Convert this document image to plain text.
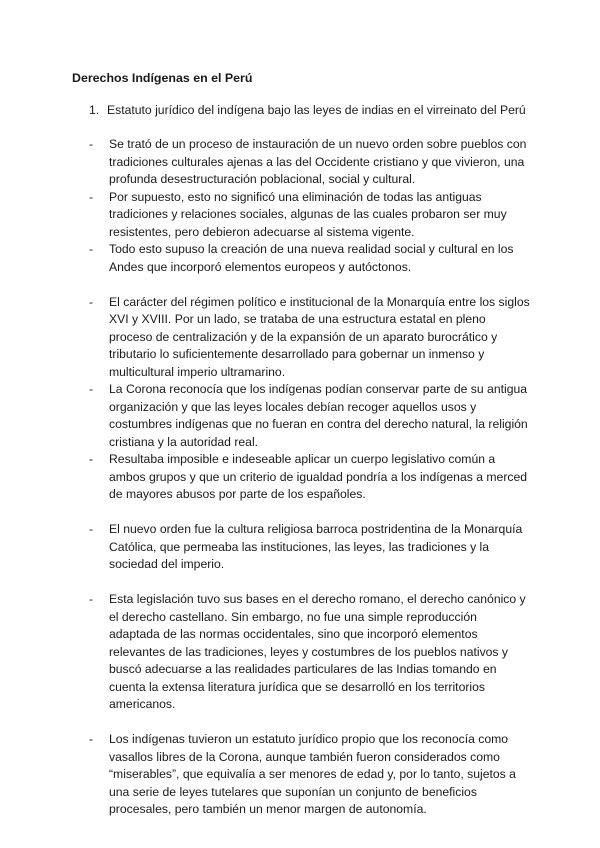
Derechos Indígenas en el Perú
1. Estatuto jurídico del indígena bajo las leyes de indias en el virreinato del Perú
-	Se trató de un proceso de instauración de un nuevo orden sobre pueblos con tradiciones culturales ajenas a las del Occidente cristiano y que vivieron, una profunda desestructuración poblacional, social y cultural.
-	Por supuesto, esto no significó una eliminación de todas las antiguas tradiciones y relaciones sociales, algunas de las cuales probaron ser muy resistentes, pero debieron adecuarse al sistema vigente.
-	Todo esto supuso la creación de una nueva realidad social y cultural en los Andes que incorporó elementos europeos y autóctonos.
-	El carácter del régimen político e institucional de la Monarquía entre los siglos XVI y XVIII. Por un lado, se trataba de una estructura estatal en pleno proceso de centralización y de la expansión de un aparato burocrático y tributario lo suficientemente desarrollado para gobernar un inmenso y multicultural imperio ultramarino.
-	La Corona reconocía que los indígenas podían conservar parte de su antigua organización y que las leyes locales debían recoger aquellos usos y costumbres indígenas que no fueran en contra del derecho natural, la religión cristiana y la autoridad real.
-	Resultaba imposible e indeseable aplicar un cuerpo legislativo común a ambos grupos y que un criterio de igualdad pondría a los indígenas a merced de mayores abusos por parte de los españoles.
-	El nuevo orden fue la cultura religiosa barroca postridentina de la Monarquía Católica, que permeaba las instituciones, las leyes, las tradiciones y la sociedad del imperio.
-	Esta legislación tuvo sus bases en el derecho romano, el derecho canónico y el derecho castellano. Sin embargo, no fue una simple reproducción adaptada de las normas occidentales, sino que incorporó elementos relevantes de las tradiciones, leyes y costumbres de los pueblos nativos y buscó adecuarse a las realidades particulares de las Indias tomando en cuenta la extensa literatura jurídica que se desarrolló en los territorios americanos.
-	Los indígenas tuvieron un estatuto jurídico propio que los reconocía como vasallos libres de la Corona, aunque también fueron considerados como “miserables”, que equivalía a ser menores de edad y, por lo tanto, sujetos a una serie de leyes tutelares que suponían un conjunto de beneficios procesales, pero también un menor margen de autonomía.
